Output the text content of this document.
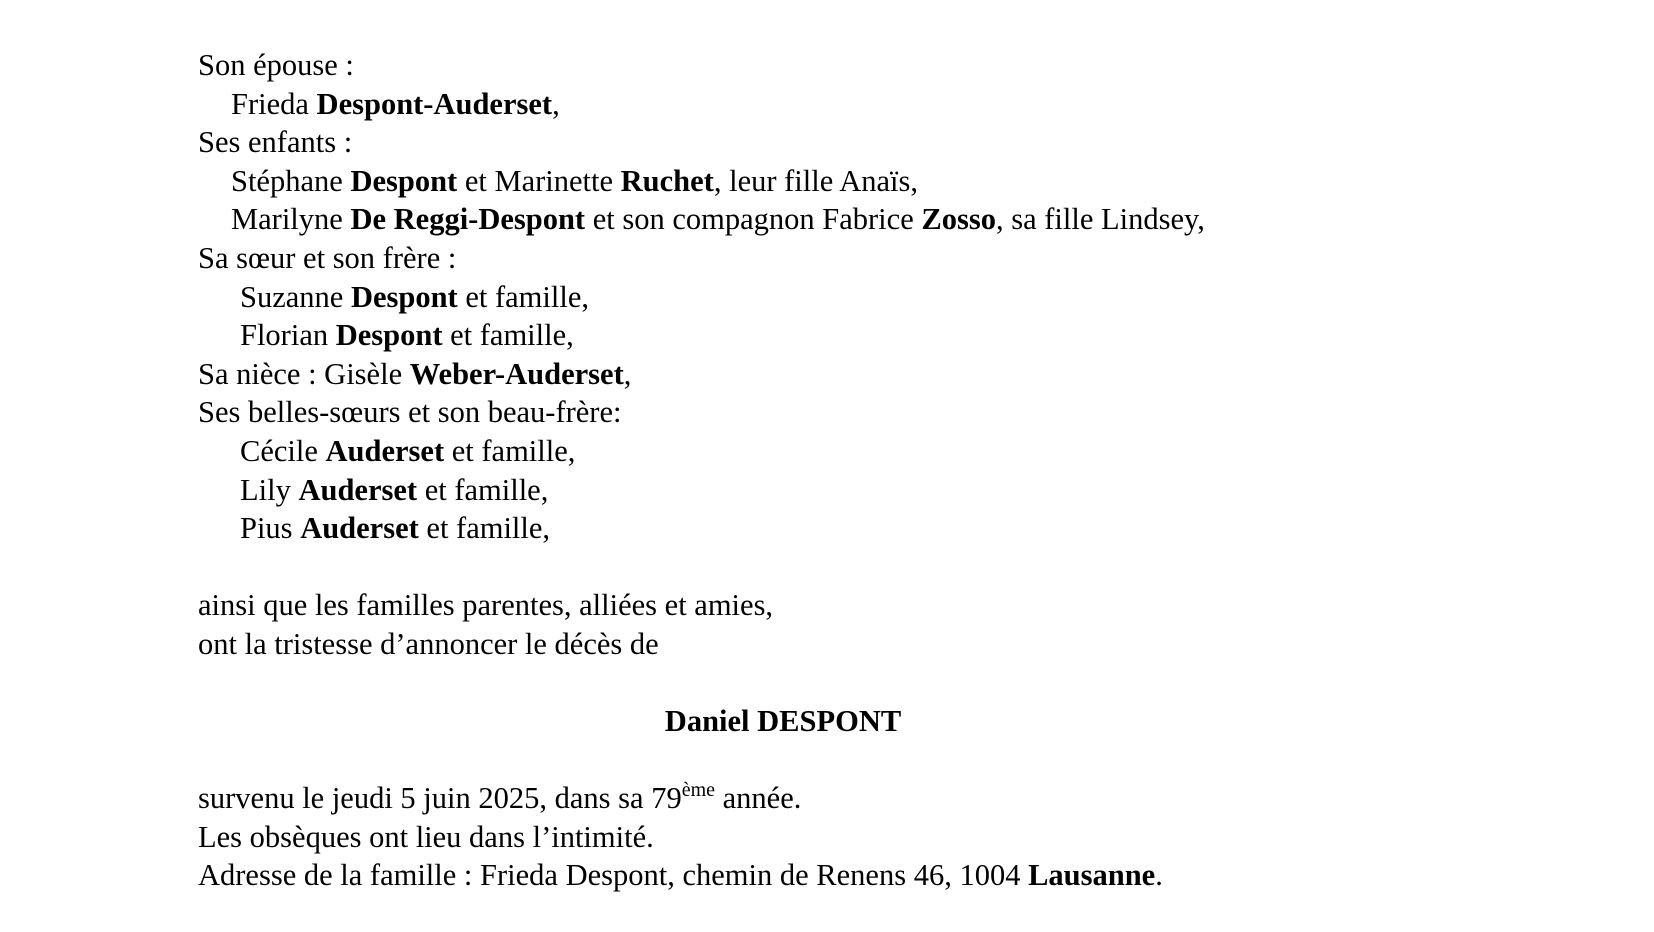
Son épouse :
Frieda Despont-Auderset,
Ses enfants :
Stéphane Despont et Marinette Ruchet, leur fille Anaïs,
Marilyne De Reggi-Despont et son compagnon Fabrice Zosso, sa fille Lindsey,
Sa sœur et son frère :
Suzanne Despont et famille,
Florian Despont et famille,
Sa nièce : Gisèle Weber-Auderset,
Ses belles-sœurs et son beau-frère:
Cécile Auderset et famille,
Lily Auderset et famille,
Pius Auderset et famille,
ainsi que les familles parentes, alliées et amies,
ont la tristesse d’annoncer le décès de
Daniel DESPONT
survenu le jeudi 5 juin 2025, dans sa 79ème année.
Les obsèques ont lieu dans l’intimité.
Adresse de la famille : Frieda Despont, chemin de Renens 46, 1004 Lausanne.
